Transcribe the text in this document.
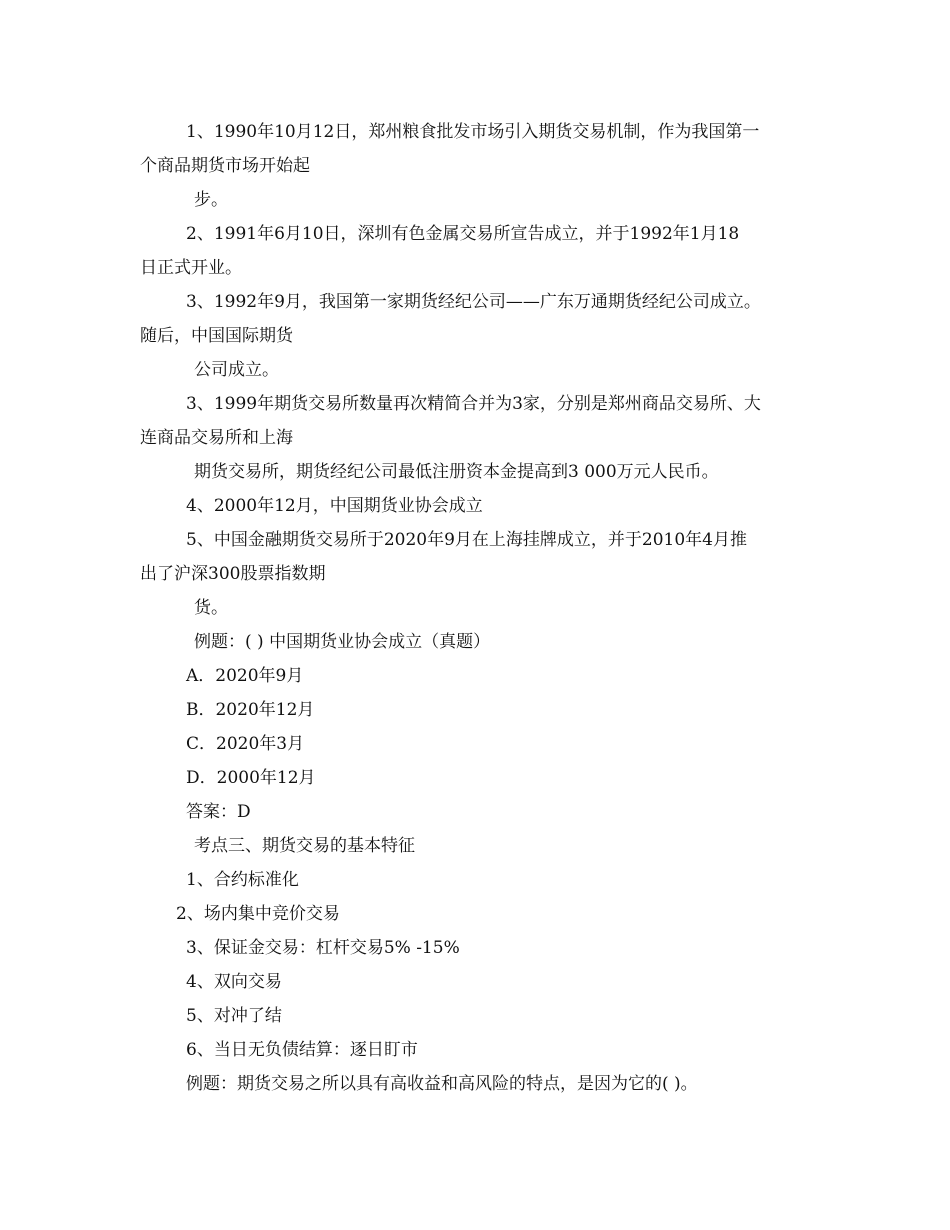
1、1990年10月12日，郑州粮食批发市场引入期货交易机制，作为我国第一
个商品期货市场开始起
步。
2、1991年6月10日，深圳有色金属交易所宣告成立，并于1992年1月18
日正式开业。
3、1992年9月，我国第一家期货经纪公司——广东万通期货经纪公司成立。
随后，中国国际期货
公司成立。
3、1999年期货交易所数量再次精简合并为3家，分别是郑州商品交易所、大
连商品交易所和上海
期货交易所，期货经纪公司最低注册资本金提高到3 000万元人民币。
4、2000年12月，中国期货业协会成立
5、中国金融期货交易所于2020年9月在上海挂牌成立，并于2010年4月推
出了沪深300股票指数期
货。
例题：( ) 中国期货业协会成立（真题）
A．2020年9月
B．2020年12月
C．2020年3月
D．2000年12月
答案：D
考点三、期货交易的基本特征
1、合约标准化
2、场内集中竞价交易
3、保证金交易：杠杆交易5% -15%
4、双向交易
5、对冲了结
6、当日无负债结算：逐日盯市
例题：期货交易之所以具有高收益和高风险的特点，是因为它的( )。
